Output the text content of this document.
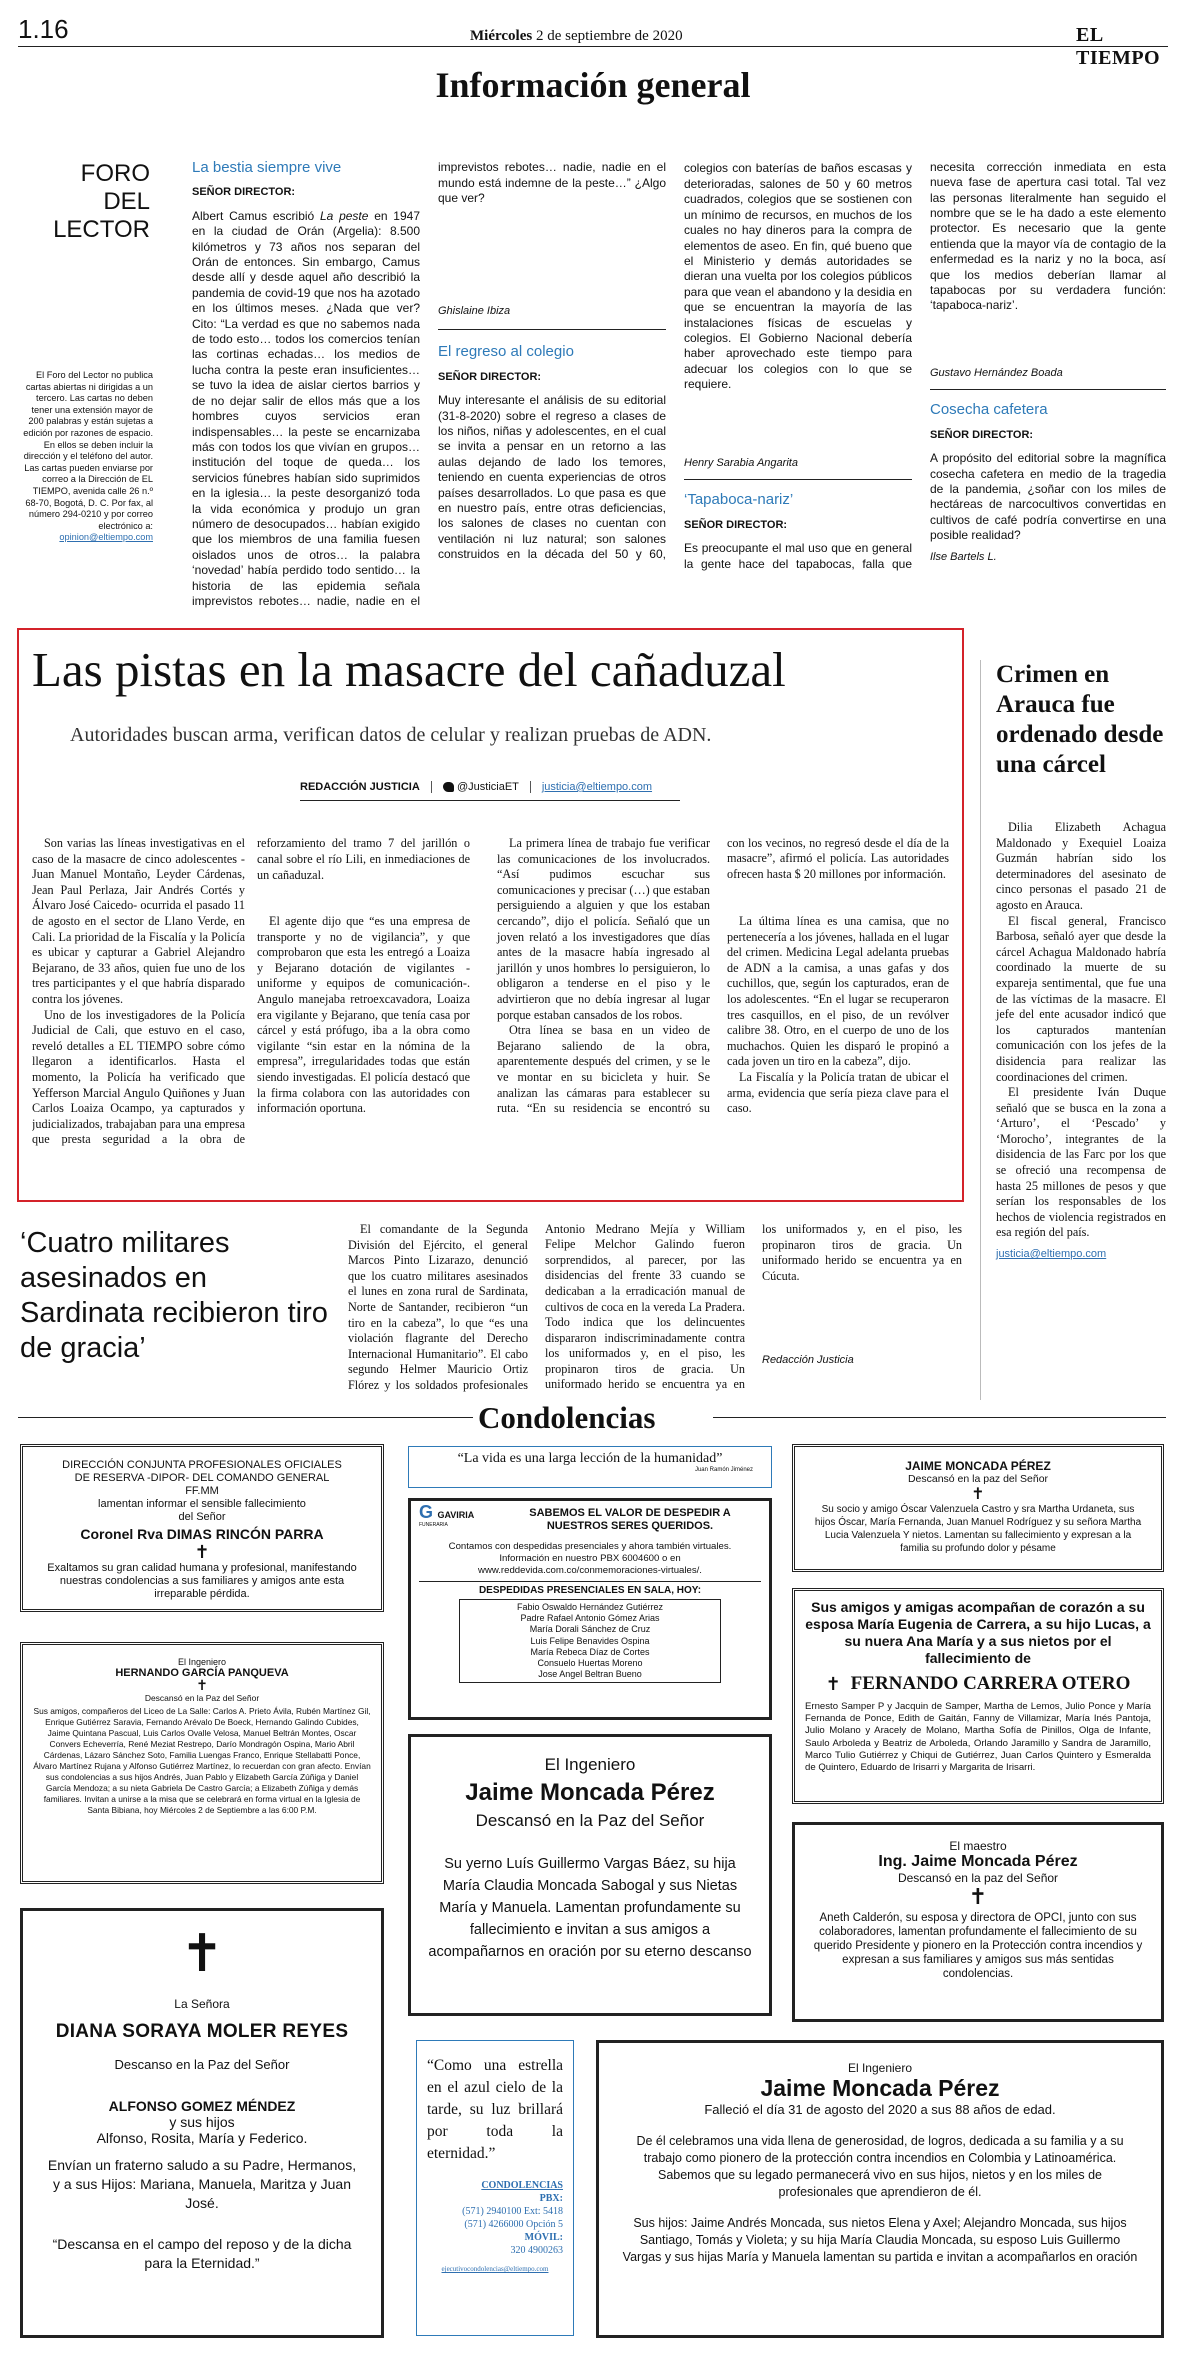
1.16	Miércoles 2 de septiembre de 2020	EL TIEMPO
Información general
FORO DEL
LECTOR
El Foro del Lector no publica cartas abiertas ni dirigidas a un tercero. Las cartas no deben tener una extensión mayor de 200 palabras y están sujetas a edición por razones de espacio. En ellos se deben incluir la dirección y el teléfono del autor. Las cartas pueden enviarse por correo a la Dirección de EL TIEMPO, avenida calle 26 n.º 68-70, Bogotá, D. C. Por fax, al número 294-0210 y por correo electrónico a: opinion@eltiempo.com
La bestia siempre vive
SEÑOR DIRECTOR:
Albert Camus escribió La peste en 1947 en la ciudad de Orán (Argelia): 8.500 kilómetros y 73 años nos separan del Orán de entonces. Sin embargo, Camus desde allí y desde aquel año describió la pandemia de covid-19 que nos ha azotado en los últimos meses. ¿Nada que ver? Cito: “La verdad es que no sabemos nada de todo esto… todos los comercios tenían las cortinas echadas… los medios de lucha contra la peste eran insuficientes… se tuvo la idea de aislar ciertos barrios y de no dejar salir de ellos más que a los hombres cuyos servicios eran indispensables… la peste se encarnizaba más con todos los que vivían en grupos… institución del toque de queda… los servicios fúnebres habían sido suprimidos en la iglesia… la peste desorganizó toda la vida económica y produjo un gran número de desocupados… habían exigido que los miembros de una familia fuesen oislados unos de otros… la palabra ‘novedad’ había perdido todo sentido… la historia de las epidemia señala imprevistos rebotes… nadie, nadie en el
imprevistos rebotes… nadie, nadie en el mundo está indemne de la peste…” ¿Algo que ver?
Ghislaine Ibiza
El regreso al colegio
SEÑOR DIRECTOR:
Muy interesante el análisis de su editorial (31-8-2020) sobre el regreso a clases de los niños, niñas y adolescentes, en el cual se invita a pensar en un retorno a las aulas dejando de lado los temores, teniendo en cuenta experiencias de otros países desarrollados. Lo que pasa es que en nuestro país, entre otras deficiencias, los salones de clases no cuentan con ventilación ni luz natural; son salones construidos en la década del 50 y 60,
colegios con baterías de baños escasas y deterioradas, salones de 50 y 60 metros cuadrados, colegios que se sostienen con un mínimo de recursos, en muchos de los cuales no hay dineros para la compra de elementos de aseo. En fin, qué bueno que el Ministerio y demás autoridades se dieran una vuelta por los colegios públicos para que vean el abandono y la desidia en que se encuentran la mayoría de las instalaciones físicas de escuelas y colegios. El Gobierno Nacional debería haber aprovechado este tiempo para adecuar los colegios con lo que se requiere.
Henry Sarabia Angarita
‘Tapaboca-nariz’
SEÑOR DIRECTOR:
Es preocupante el mal uso que en general la gente hace del tapabocas, falla que
necesita corrección inmediata en esta nueva fase de apertura casi total. Tal vez las personas literalmente han seguido el nombre que se le ha dado a este elemento protector. Es necesario que la gente entienda que la mayor vía de contagio de la enfermedad es la nariz y no la boca, así que los medios deberían llamar al tapabocas por su verdadera función: ‘tapaboca-nariz’.
Gustavo Hernández Boada
Cosecha cafetera
SEÑOR DIRECTOR:
A propósito del editorial sobre la magnífica cosecha cafetera en medio de la tragedia de la pandemia, ¿soñar con los miles de hectáreas de narcocultivos convertidas en cultivos de café podría convertirse en una posible realidad?
Ilse Bartels L.
Las pistas en la masacre del cañaduzal
Autoridades buscan arma, verifican datos de celular y realizan pruebas de ADN.
REDACCIÓN JUSTICIA	@JusticiaET justicia@eltiempo.com

Son varias las líneas investigativas en el caso de la masacre de cinco adolescentes -Juan Manuel Montaño, Leyder Cárdenas, Jean Paul Perlaza, Jair Andrés Cortés y Álvaro José Caicedo- ocurrida el pasado 11 de agosto en el sector de Llano Verde, en Cali. La prioridad de la Fiscalía y la Policía es ubicar y capturar a Gabriel Alejandro Bejarano, de 33 años, quien fue uno de los tres participantes y el que habría disparado contra los jóvenes.

Uno de los investigadores de la Policía Judicial de Cali, que estuvo en el caso, reveló detalles a EL TIEMPO sobre cómo llegaron a identificarlos. Hasta el momento, la Policía ha verificado que Yefferson Marcial Angulo Quiñones y Juan Carlos Loaiza Ocampo, ya capturados y judicializados, trabajaban para una empresa que presta seguridad a la obra de

reforzamiento del tramo 7 del jarillón o canal sobre el río Lili, en inmediaciones de un cañaduzal.

El agente dijo que “es una empresa de transporte y no de vigilancia”, y que comprobaron que esta les entregó a Loaiza y Bejarano dotación de vigilantes -uniforme y equipos de comunicación-. Angulo manejaba retroexcavadora, Loaiza era vigilante y Bejarano, que tenía casa por cárcel y está prófugo, iba a la obra como vigilante “sin estar en la nómina de la empresa”, irregularidades todas que están siendo investigadas. El policía destacó que la firma colabora con las autoridades con información oportuna.

La primera línea de trabajo fue verificar las comunicaciones de los involucrados. “Así pudimos escuchar sus comunicaciones y precisar (…) que estaban persiguiendo a alguien y que los estaban cercando”, dijo el policía. Señaló que un joven relató a los investigadores que días antes de la masacre había ingresado al jarillón y unos hombres lo persiguieron, lo obligaron a tenderse en el piso y le advirtieron que no debía ingresar al lugar porque estaban cansados de los robos.

Otra línea se basa en un video de Bejarano saliendo de la obra, aparentemente después del crimen, y se le ve montar en su bicicleta y huir. Se analizan las cámaras para establecer su ruta. “En su residencia se encontró su

con los vecinos, no regresó desde el día de la masacre”, afirmó el policía. Las autoridades ofrecen hasta $ 20 millones por información.

La última línea es una camisa, que no pertenecería a los jóvenes, hallada en el lugar del crimen. Medicina Legal adelanta pruebas de ADN a la camisa, a unas gafas y dos cuchillos, que, según los capturados, eran de los adolescentes. “En el lugar se recuperaron tres casquillos, en el piso, de un revólver calibre 38. Otro, en el cuerpo de uno de los muchachos. Quien les disparó le propinó a cada joven un tiro en la cabeza”, dijo.

La Fiscalía y la Policía tratan de ubicar el arma, evidencia que sería pieza clave para el caso.

Crimen en Arauca fue ordenado desde una cárcel

Dilia Elizabeth Achagua Maldonado y Exequiel Loaiza Guzmán habrían sido los determinadores del asesinato de cinco personas el pasado 21 de agosto en Arauca.

El fiscal general, Francisco Barbosa, señaló ayer que desde la cárcel Achagua Maldonado habría coordinado la muerte de su expareja sentimental, que fue una de las víctimas de la masacre. El jefe del ente acusador indicó que los capturados mantenían comunicación con los jefes de la disidencia para realizar las coordinaciones del crimen.

El presidente Iván Duque señaló que se busca en la zona a ‘Arturo’, el ‘Pescado’ y ‘Morocho’, integrantes de la disidencia de las Farc por los que se ofreció una recompensa de hasta 25 millones de pesos y que serían los responsables de los hechos de violencia registrados en esa región del país.

justicia@eltiempo.com
‘Cuatro militares asesinados en Sardinata recibieron tiro de gracia’
El comandante de la Segunda División del Ejército, el general Marcos Pinto Lizarazo, denunció que los cuatro militares asesinados el lunes en zona rural de Sardinata, Norte de Santander, recibieron “un tiro en la cabeza”, lo que “es una violación flagrante del Derecho Internacional Humanitario”. El cabo segundo Helmer Mauricio Ortiz Flórez y los soldados profesionales
Antonio Medrano Mejía y William Felipe Melchor Galindo fueron sorprendidos, al parecer, por las disidencias del frente 33 cuando se dedicaban a la erradicación manual de cultivos de coca en la vereda La Pradera. Todo indica que los delincuentes dispararon indiscriminadamente contra los uniformados y, en el piso, les propinaron tiros de gracia. Un uniformado herido se encuentra ya en
los uniformados y, en el piso, les propinaron tiros de gracia. Un uniformado herido se encuentra ya en Cúcuta.
Redacción Justicia
Condolencias
DIRECCIÓN CONJUNTA PROFESIONALES OFICIALES DE RESERVA -DIPOR- DEL COMANDO GENERAL FF.MM
lamentan informar el sensible fallecimiento del Señor
Coronel Rva DIMAS RINCÓN PARRA
✝
Exaltamos su gran calidad humana y profesional, manifestando nuestras condolencias a sus familiares y amigos ante esta irreparable pérdida.
El Ingeniero
HERNANDO GARCÍA PANQUEVA
✝
Descansó en la Paz del Señor
Sus amigos, compañeros del Liceo de La Salle: Carlos A. Prieto Ávila, Rubén Martínez Gil, Enrique Gutiérrez Saravia, Fernando Arévalo De Boeck, Hernando Galindo Cubides, Jaime Quintana Pascual, Luis Carlos Ovalle Velosa, Manuel Beltrán Montes, Oscar Convers Echeverría, René Meziat Restrepo, Darío Mondragón Ospina, Mario Abril Cárdenas, Lázaro Sánchez Soto, Familia Luengas Franco, Enrique Stellabatti Ponce, Álvaro Martínez Rujana y Alfonso Gutiérrez Martínez, lo recuerdan con gran afecto. Envían sus condolencias a sus hijos Andrés, Juan Pablo y Elizabeth García Zúñiga y Daniel García Mendoza; a su nieta Gabriela De Castro García; a Elizabeth Zúñiga y demás familiares. Invitan a unirse a la misa que se celebrará en forma virtual en la Iglesia de Santa Bibiana, hoy Miércoles 2 de Septiembre a las 6:00 P.M.
✝
La Señora
DIANA SORAYA MOLER REYES
Descanso en la Paz del Señor
ALFONSO GOMEZ MÉNDEZ
y sus hijos
Alfonso, Rosita, María y Federico.
Envían un fraterno saludo a su Padre, Hermanos, y a sus Hijos: Mariana, Manuela, Maritza y Juan José.
“Descansa en el campo del reposo y de la dicha para la Eternidad.”
“La vida es una larga lección de la humanidad”
Juan Ramón Jiménez
G GAVIRIA
FUNERARIA
SABEMOS EL VALOR DE DESPEDIR A NUESTROS SERES QUERIDOS.
Contamos con despedidas presenciales y ahora también virtuales. Información en nuestro PBX 6004600 o en www.reddevida.com.co/conmemoraciones-virtuales/.
DESPEDIDAS PRESENCIALES EN SALA, HOY:
Fabio Oswaldo Hernández Gutiérrez
Padre Rafael Antonio Gómez Arias
María Dorali Sánchez de Cruz
Luis Felipe Benavides Ospina
María Rebeca Díaz de Cortes
Consuelo Huertas Moreno
Jose Angel Beltran Bueno
El Ingeniero
Jaime Moncada Pérez
Descansó en la Paz del Señor
Su yerno Luís Guillermo Vargas Báez, su hija María Claudia Moncada Sabogal y sus Nietas María y Manuela. Lamentan profundamente su fallecimiento e invitan a sus amigos a acompañarnos en oración por su eterno descanso
“Como una estrella en el azul cielo de la tarde, su luz brillará por toda la eternidad.”
CONDOLENCIAS
PBX:
(571) 2940100 Ext: 5418
(571) 4266000 Opción 5
MÓVIL:
320 4900263
ejecutivocondolencias@eltiempo.com
JAIME MONCADA PÉREZ
Descansó en la paz del Señor
✝
Su socio y amigo Óscar Valenzuela Castro y sra Martha Urdaneta, sus hijos Óscar, María Fernanda, Juan Manuel Rodríguez y su señora Martha Lucia Valenzuela Y nietos. Lamentan su fallecimiento y expresan a la familia su profundo dolor y pésame
Sus amigos y amigas acompañan de corazón a su esposa María Eugenia de Carrera, a su hijo Lucas, a su nuera Ana María y a sus nietos por el fallecimiento de
✝ FERNANDO CARRERA OTERO
Ernesto Samper P y Jacquin de Samper, Martha de Lemos, Julio Ponce y María Fernanda de Ponce, Edith de Gaitán, Fanny de Villamizar, María Inés Pantoja, Julio Molano y Aracely de Molano, Martha Sofía de Pinillos, Olga de Infante, Saulo Arboleda y Beatriz de Arboleda, Orlando Jaramillo y Sandra de Jaramillo, Marco Tulio Gutiérrez y Chiqui de Gutiérrez, Juan Carlos Quintero y Esmeralda de Quintero, Eduardo de Irisarri y Margarita de Irisarri.
El maestro
Ing. Jaime Moncada Pérez
Descansó en la paz del Señor
✝
Aneth Calderón, su esposa y directora de OPCI, junto con sus colaboradores, lamentan profundamente el fallecimiento de su querido Presidente y pionero en la Protección contra incendios y expresan a sus familiares y amigos sus más sentidas condolencias.
El Ingeniero
Jaime Moncada Pérez
Falleció el día 31 de agosto del 2020 a sus 88 años de edad.
De él celebramos una vida llena de generosidad, de logros, dedicada a su familia y a su trabajo como pionero de la protección contra incendios en Colombia y Latinoamérica. Sabemos que su legado permanecerá vivo en sus hijos, nietos y en los miles de profesionales que aprendieron de él.
Sus hijos: Jaime Andrés Moncada, sus nietos Elena y Axel; Alejandro Moncada, sus hijos Santiago, Tomás y Violeta; y su hija María Claudia Moncada, su esposo Luis Guillermo Vargas y sus hijas María y Manuela lamentan su partida e invitan a acompañarlos en oración
